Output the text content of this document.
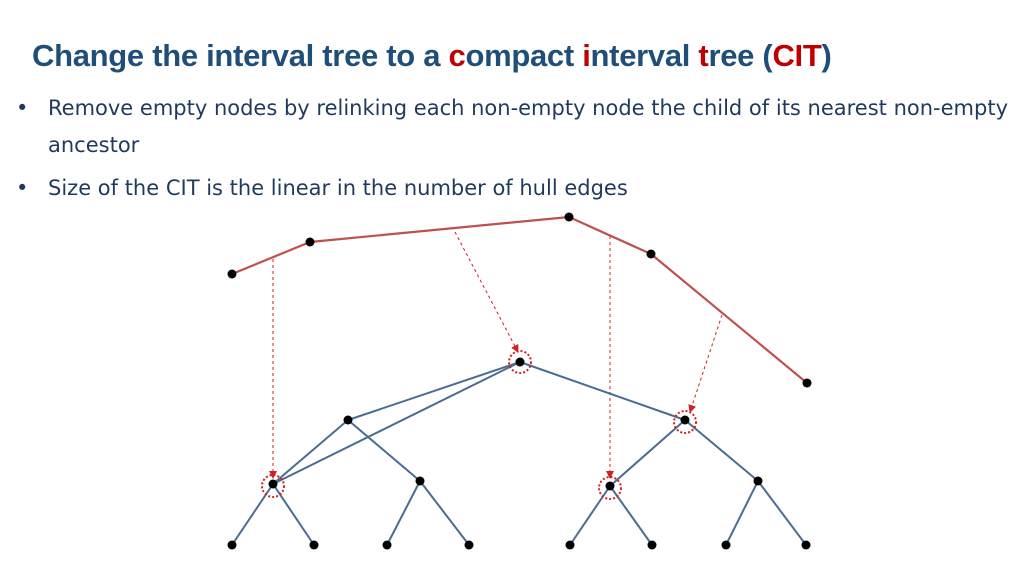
Change the interval tree to a compact interval tree (CIT)
• Remove empty nodes by relinking each non-empty node the child of its nearest non-empty ancestor
• Size of the CIT is the linear in the number of hull edges
